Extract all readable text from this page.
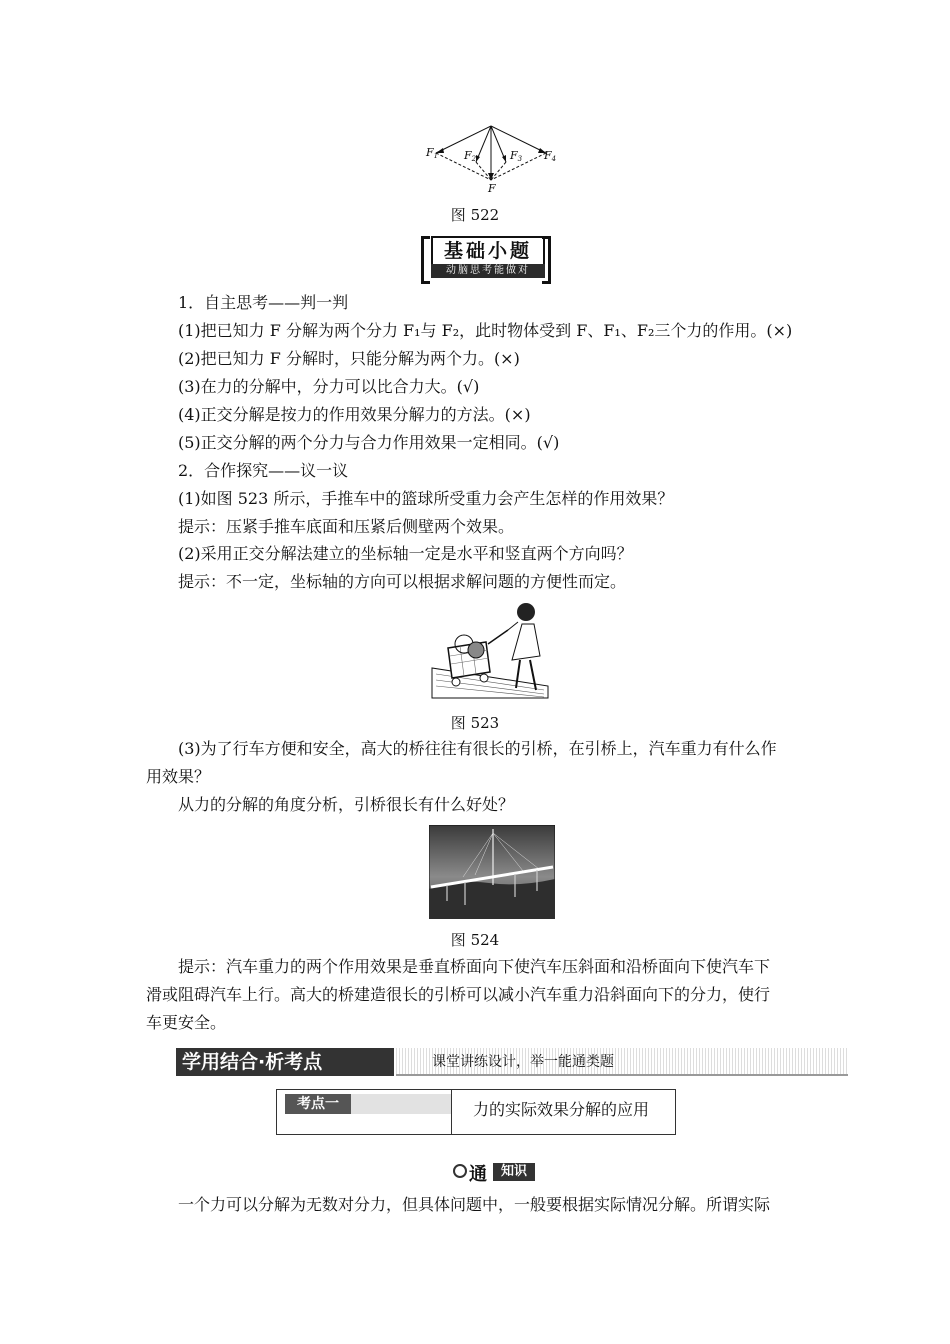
F1 F2	F3 F4
F
图 522
基础小题
动脑思考能做对
1．自主思考——判一判
(1)把已知力 F 分解为两个分力 F₁与 F₂，此时物体受到 F、F₁、F₂三个力的作用。(×)
(2)把已知力 F 分解时，只能分解为两个力。(×)
(3)在力的分解中，分力可以比合力大。(√)
(4)正交分解是按力的作用效果分解力的方法。(×)
(5)正交分解的两个分力与合力作用效果一定相同。(√)
2．合作探究——议一议
(1)如图 523 所示，手推车中的篮球所受重力会产生怎样的作用效果？
提示：压紧手推车底面和压紧后侧壁两个效果。
(2)采用正交分解法建立的坐标轴一定是水平和竖直两个方向吗？
提示：不一定，坐标轴的方向可以根据求解问题的方便性而定。
图 523
(3)为了行车方便和安全，高大的桥往往有很长的引桥，在引桥上，汽车重力有什么作
用效果？
从力的分解的角度分析，引桥很长有什么好处？
图 524
提示：汽车重力的两个作用效果是垂直桥面向下使汽车压斜面和沿桥面向下使汽车下
滑或阻碍汽车上行。高大的桥建造很长的引桥可以减小汽车重力沿斜面向下的分力，使行
车更安全。
学用结合·析考点	课堂讲练设计，举一能通类题
考点一	力的实际效果分解的应用
通	知识
一个力可以分解为无数对分力，但具体问题中，一般要根据实际情况分解。所谓实际
